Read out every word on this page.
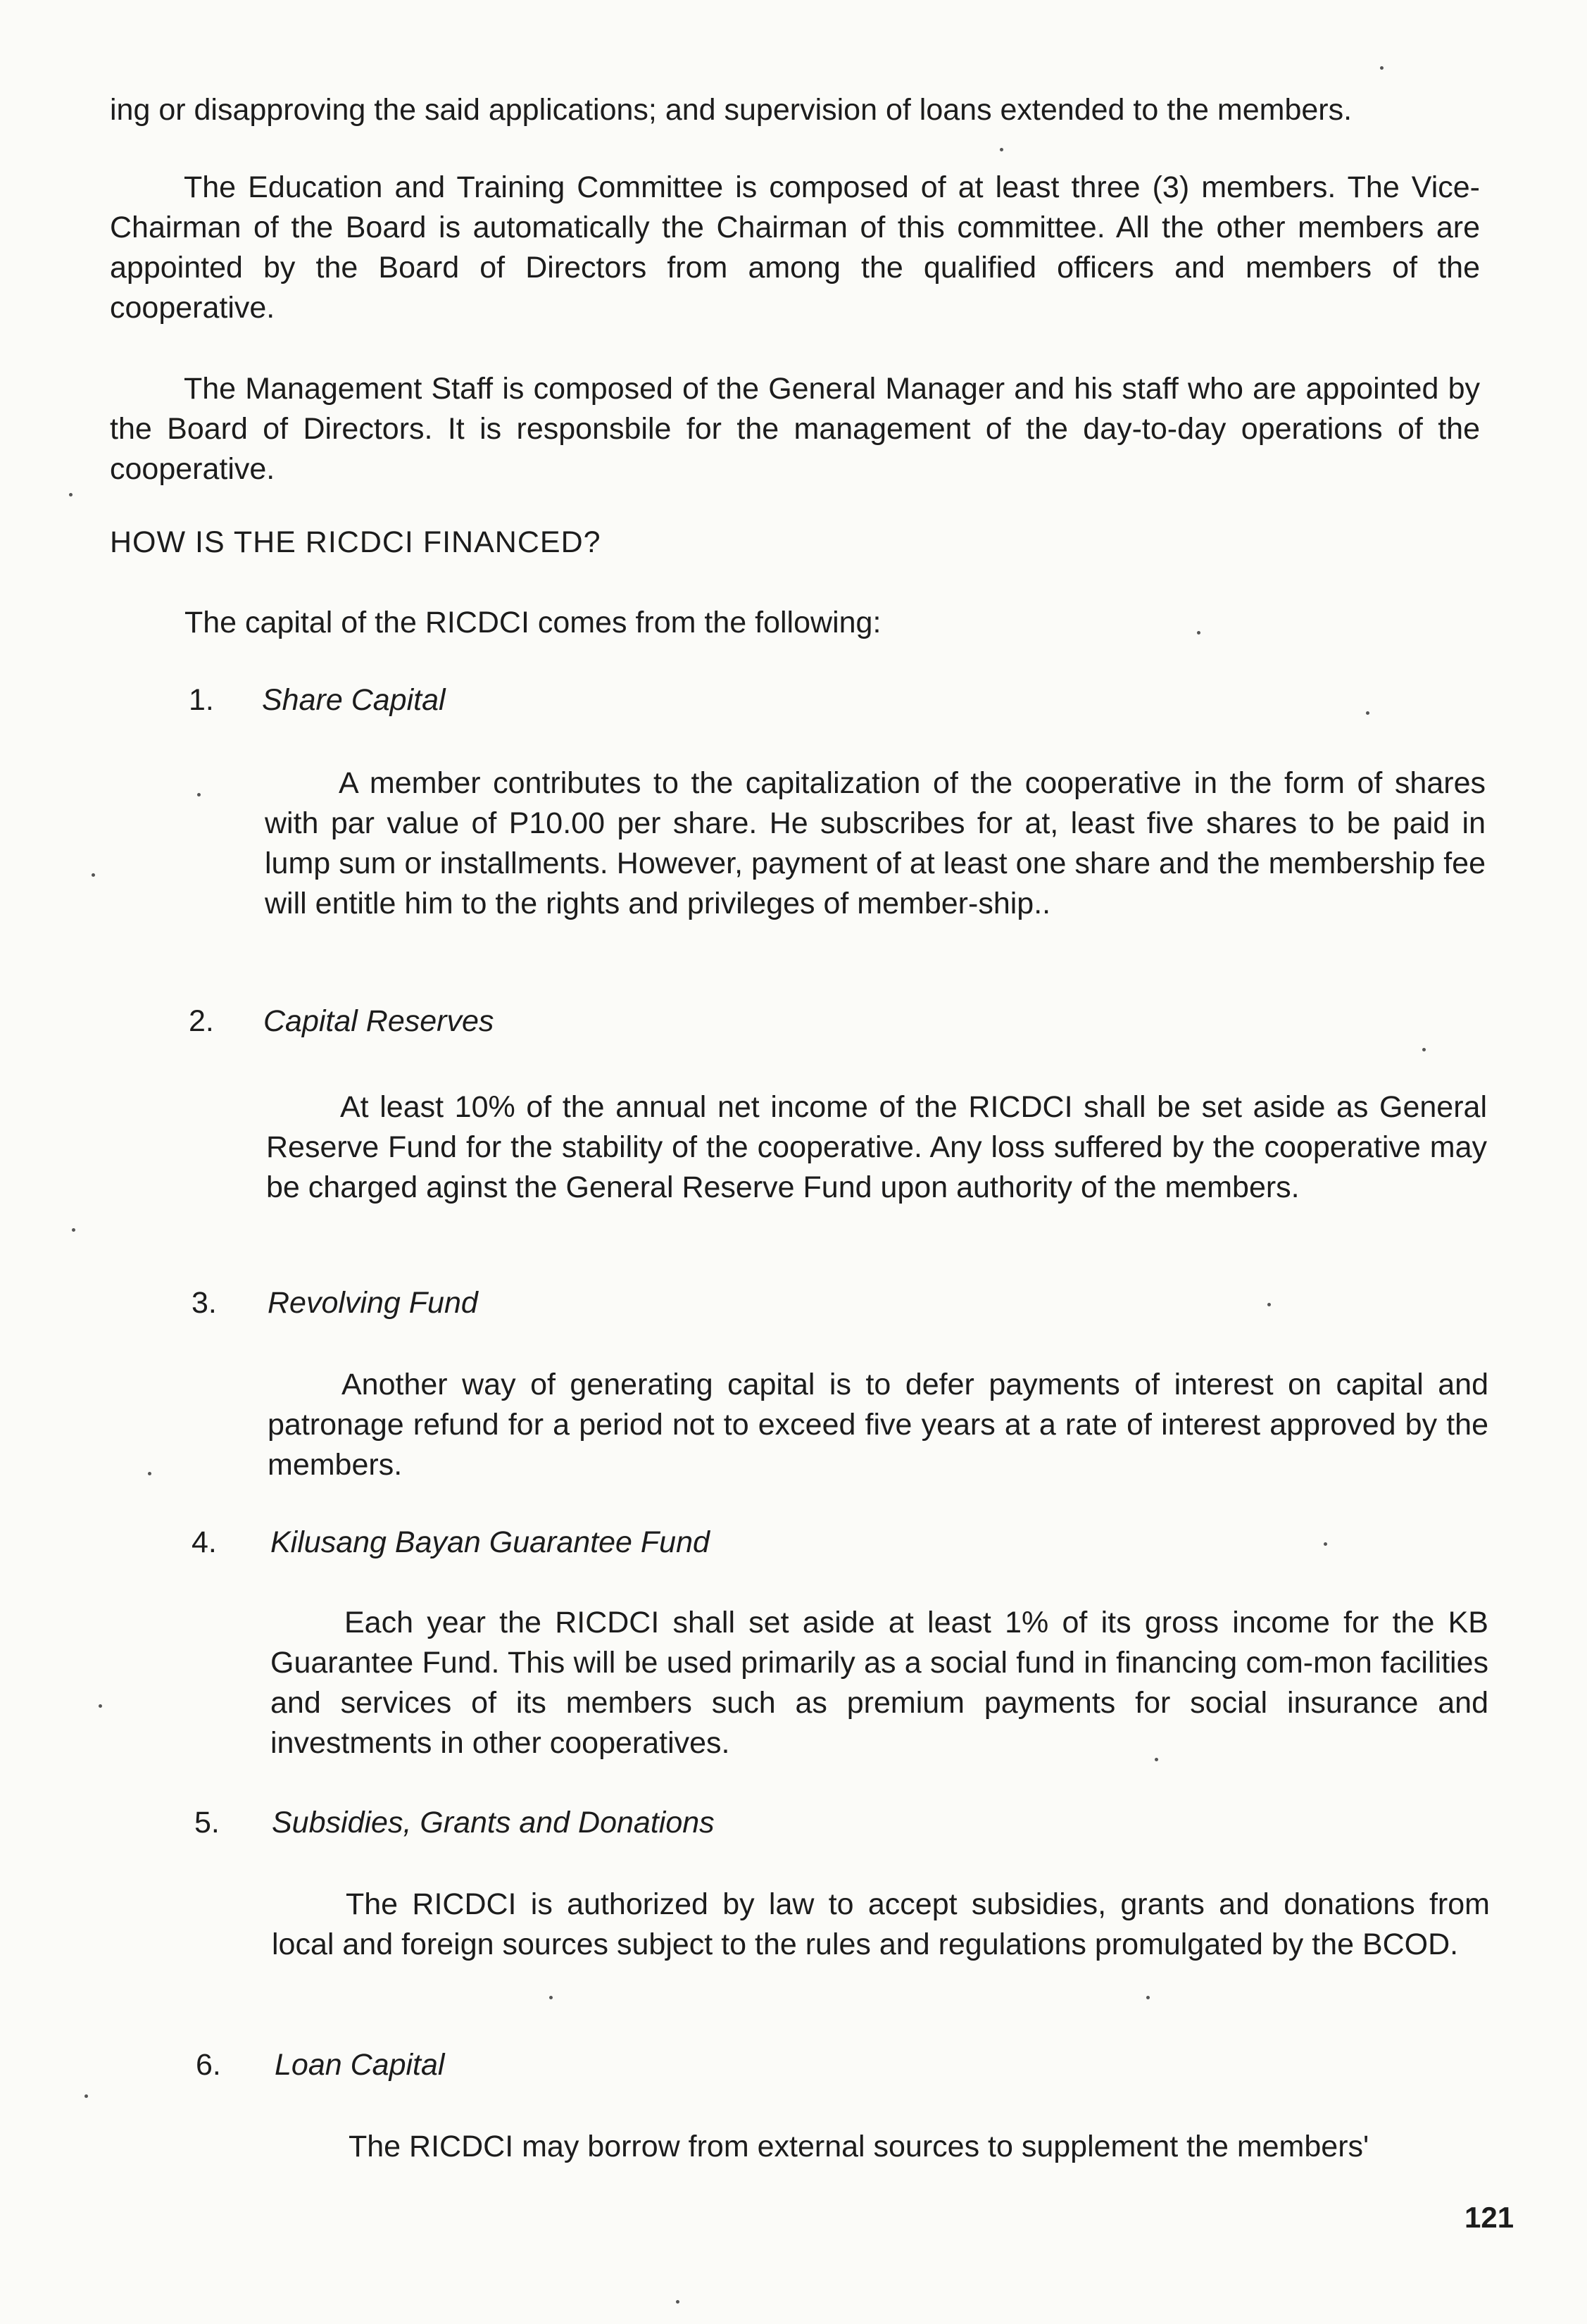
ing or disapproving the said applications; and supervision of loans extended to the members.

The Education and Training Committee is composed of at least three (3) members. The Vice-Chairman of the Board is automatically the Chairman of this committee. All the other members are appointed by the Board of Directors from among the qualified officers and members of the cooperative.

The Management Staff is composed of the General Manager and his staff who are appointed by the Board of Directors. It is responsbile for the management of the day-to-day operations of the cooperative.

HOW IS THE RICDCI FINANCED?

The capital of the RICDCI comes from the following:

1.	Share Capital

A member contributes to the capitalization of the cooperative in the form of shares with par value of P10.00 per share. He subscribes for at, least five shares to be paid in lump sum or installments. However, payment of at least one share and the membership fee will entitle him to the rights and privileges of member-ship..

2.	Capital Reserves

At least 10% of the annual net income of the RICDCI shall be set aside as General Reserve Fund for the stability of the cooperative. Any loss suffered by the cooperative may be charged aginst the General Reserve Fund upon authority of the members.

3.	Revolving Fund

Another way of generating capital is to defer payments of interest on capital and patronage refund for a period not to exceed five years at a rate of interest approved by the members.

4.	Kilusang Bayan Guarantee Fund

Each year the RICDCI shall set aside at least 1% of its gross income for the KB Guarantee Fund. This will be used primarily as a social fund in financing com-mon facilities and services of its members such as premium payments for social insurance and investments in other cooperatives.

5.	Subsidies, Grants and Donations

The RICDCI is authorized by law to accept subsidies, grants and donations from local and foreign sources subject to the rules and regulations promulgated by the BCOD.

6.	Loan Capital

The RICDCI may borrow from external sources to supplement the members'

121
